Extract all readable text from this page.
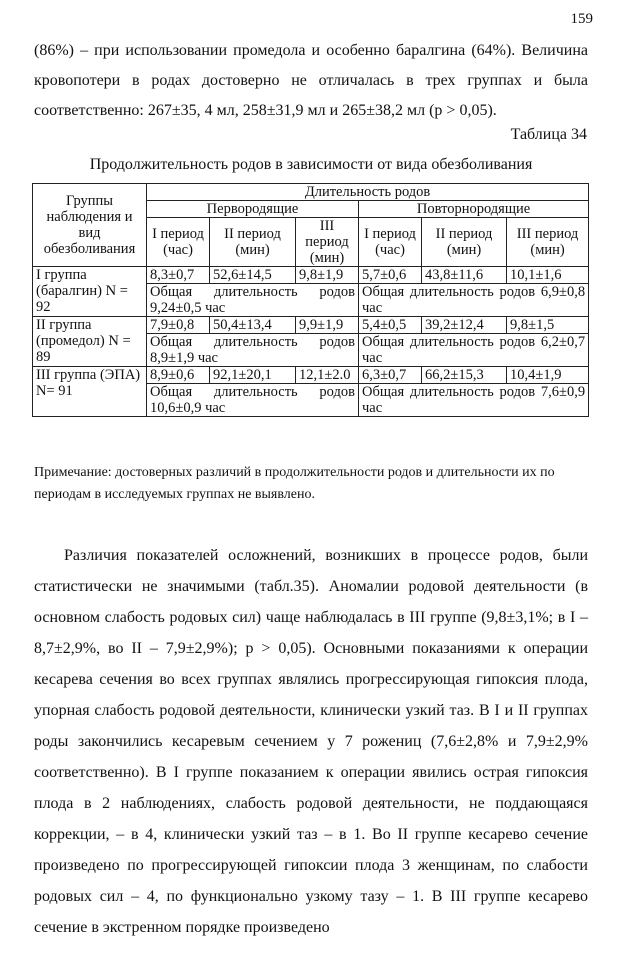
159
(86%) – при использовании промедола и особенно баралгина (64%). Величина кровопотери в родах достоверно не отличалась в трех группах и была соответственно: 267±35, 4 мл, 258±31,9 мл и 265±38,2 мл (p > 0,05).
Таблица 34
Продолжительность родов в зависимости от вида обезболивания
Группы наблюдения и вид обезболивания	Длительность родов					
	Первородящие			Повторнородящие		
	I период (час)	II период (мин)	III период (мин)	I период (час)	II период (мин)	III период (мин)
I группа (баралгин) N = 92	8,3±0,7	52,6±14,5	9,8±1,9	5,7±0,6	43,8±11,6	10,1±1,6
	Общая длительность родов 9,24±0,5 час			Общая длительность родов 6,9±0,8 час		
II группа (промедол) N = 89	7,9±0,8	50,4±13,4	9,9±1,9	5,4±0,5	39,2±12,4	9,8±1,5
	Общая длительность родов 8,9±1,9 час			Общая длительность родов 6,2±0,7 час		
III группа (ЭПА) N= 91	8,9±0,6	92,1±20,1	12,1±2.0	6,3±0,7	66,2±15,3	10,4±1,9
	Общая длительность родов 10,6±0,9 час			Общая длительность родов 7,6±0,9 час		
Примечание: достоверных различий в продолжительности родов и длительности их по периодам в исследуемых группах не выявлено.
Различия показателей осложнений, возникших в процессе родов, были статистически не значимыми (табл.35). Аномалии родовой деятельности (в основном слабость родовых сил) чаще наблюдалась в III группе (9,8±3,1%; в I – 8,7±2,9%, во II – 7,9±2,9%); p > 0,05). Основными показаниями к операции кесарева сечения во всех группах являлись прогрессирующая гипоксия плода, упорная слабость родовой деятельности, клинически узкий таз. В I и II группах роды закончились кесаревым сечением у 7 рожениц (7,6±2,8% и 7,9±2,9% соответственно). В I группе показанием к операции явились острая гипоксия плода в 2 наблюдениях, слабость родовой деятельности, не поддающаяся коррекции, – в 4, клинически узкий таз – в 1. Во II группе кесарево сечение произведено по прогрессирующей гипоксии плода 3 женщинам, по слабости родовых сил – 4, по функционально узкому тазу – 1. В III группе кесарево сечение в экстренном порядке произведено
